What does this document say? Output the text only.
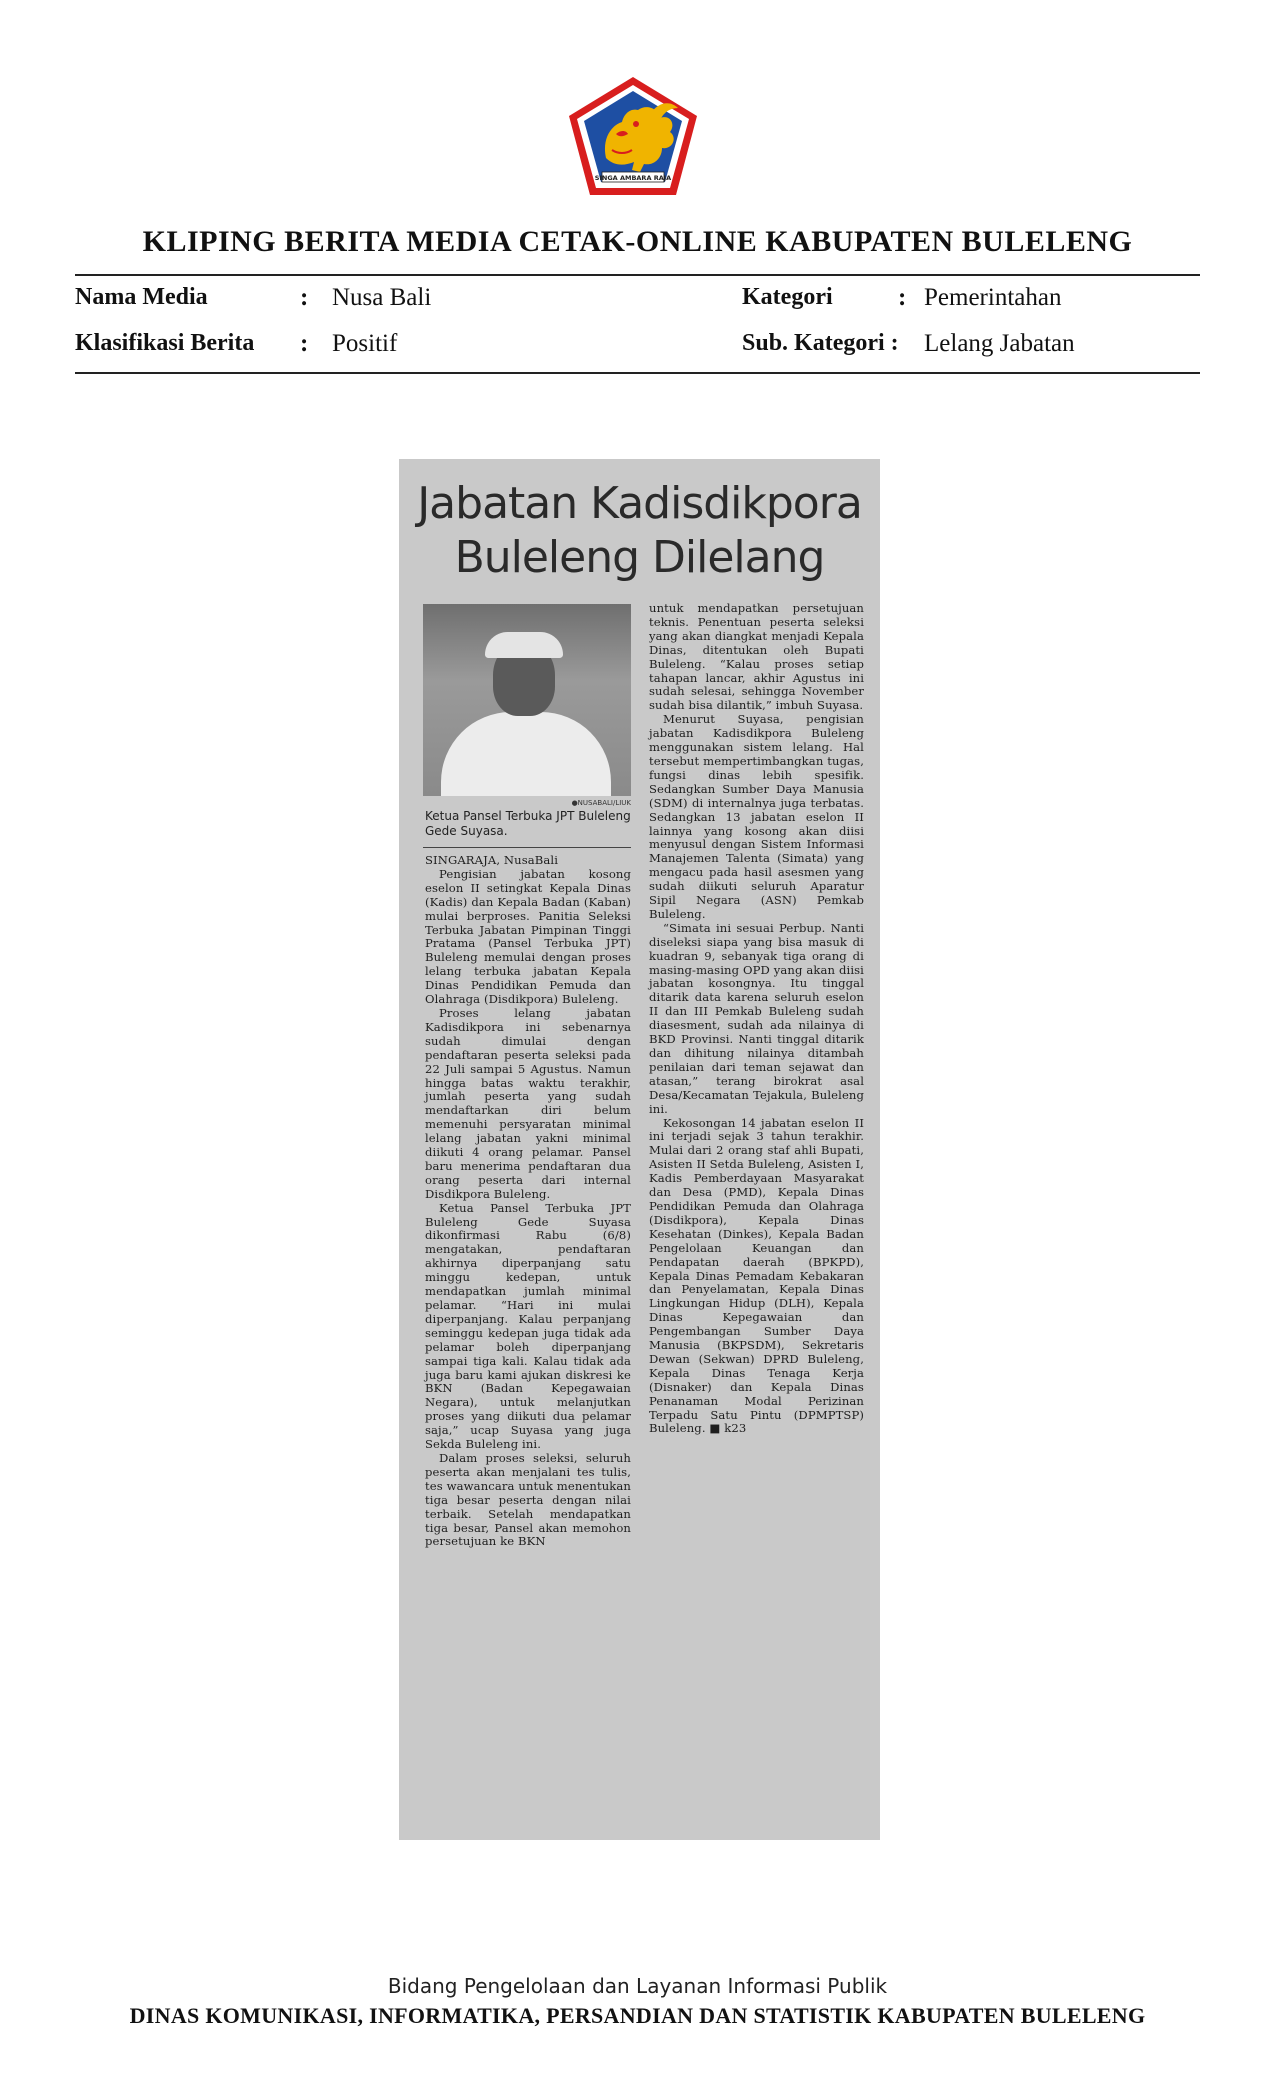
SINGA AMBARA RAJA
KLIPING BERITA MEDIA CETAK-ONLINE KABUPATEN BULELENG
Nama Media	: Nusa Bali	Kategori	: Pemerintahan
Klasifikasi Berita : Positif	Sub. Kategori : Lelang Jabatan
Jabatan Kadisdikpora
Buleleng Dilelang
●NUSABALI/LIUK
Ketua Pansel Terbuka JPT Buleleng Gede Suyasa.

SINGARAJA, NusaBali

Pengisian jabatan kosong eselon II setingkat Kepala Dinas (Kadis) dan Kepala Badan (Kaban) mulai berproses. Panitia Seleksi Terbuka Jabatan Pimpinan Tinggi Pratama (Pansel Terbuka JPT) Buleleng memulai dengan proses lelang terbuka jabatan Kepala Dinas Pendidikan Pemuda dan Olahraga (Disdikpora) Buleleng.

Proses lelang jabatan Kadisdikpora ini sebenarnya sudah dimulai dengan pendaftaran peserta seleksi pada 22 Juli sampai 5 Agustus. Namun hingga batas waktu terakhir, jumlah peserta yang sudah mendaftarkan diri belum memenuhi persyaratan minimal lelang jabatan yakni minimal diikuti 4 orang pelamar. Pansel baru menerima pendaftaran dua orang peserta dari internal Disdikpora Buleleng.

Ketua Pansel Terbuka JPT Buleleng Gede Suyasa dikonfirmasi Rabu (6/8) mengatakan, pendaftaran akhirnya diperpanjang satu minggu kedepan, untuk mendapatkan jumlah minimal pelamar. “Hari ini mulai diperpanjang. Kalau perpanjang seminggu kedepan juga tidak ada pelamar boleh diperpanjang sampai tiga kali. Kalau tidak ada juga baru kami ajukan diskresi ke BKN (Badan Kepegawaian Negara), untuk melanjutkan proses yang diikuti dua pelamar saja,” ucap Suyasa yang juga Sekda Buleleng ini.

Dalam proses seleksi, seluruh peserta akan menjalani tes tulis, tes wawancara untuk menentukan tiga besar peserta dengan nilai terbaik. Setelah mendapatkan tiga besar, Pansel akan memohon persetujuan ke BKN

untuk mendapatkan persetujuan teknis. Penentuan peserta seleksi yang akan diangkat menjadi Kepala Dinas, ditentukan oleh Bupati Buleleng. “Kalau proses setiap tahapan lancar, akhir Agustus ini sudah selesai, sehingga November sudah bisa dilantik,” imbuh Suyasa.

Menurut Suyasa, pengisian jabatan Kadisdikpora Buleleng menggunakan sistem lelang. Hal tersebut mempertimbangkan tugas, fungsi dinas lebih spesifik. Sedangkan Sumber Daya Manusia (SDM) di internalnya juga terbatas. Sedangkan 13 jabatan eselon II lainnya yang kosong akan diisi menyusul dengan Sistem Informasi Manajemen Talenta (Simata) yang mengacu pada hasil asesmen yang sudah diikuti seluruh Aparatur Sipil Negara (ASN) Pemkab Buleleng.

“Simata ini sesuai Perbup. Nanti diseleksi siapa yang bisa masuk di kuadran 9, sebanyak tiga orang di masing-masing OPD yang akan diisi jabatan kosongnya. Itu tinggal ditarik data karena seluruh eselon II dan III Pemkab Buleleng sudah diasesment, sudah ada nilainya di BKD Provinsi. Nanti tinggal ditarik dan dihitung nilainya ditambah penilaian dari teman sejawat dan atasan,” terang birokrat asal Desa/Kecamatan Tejakula, Buleleng ini.

Kekosongan 14 jabatan eselon II ini terjadi sejak 3 tahun terakhir. Mulai dari 2 orang staf ahli Bupati, Asisten II Setda Buleleng, Asisten I, Kadis Pemberdayaan Masyarakat dan Desa (PMD), Kepala Dinas Pendidikan Pemuda dan Olahraga (Disdikpora), Kepala Dinas Kesehatan (Dinkes), Kepala Badan Pengelolaan Keuangan dan Pendapatan daerah (BPKPD), Kepala Dinas Pemadam Kebakaran dan Penyelamatan, Kepala Dinas Lingkungan Hidup (DLH), Kepala Dinas Kepegawaian dan Pengembangan Sumber Daya Manusia (BKPSDM), Sekretaris Dewan (Sekwan) DPRD Buleleng, Kepala Dinas Tenaga Kerja (Disnaker) dan Kepala Dinas Penanaman Modal Perizinan Terpadu Satu Pintu (DPMPTSP) Buleleng. ■ k23

Bidang Pengelolaan dan Layanan Informasi Publik
DINAS KOMUNIKASI, INFORMATIKA, PERSANDIAN DAN STATISTIK KABUPATEN BULELENG
